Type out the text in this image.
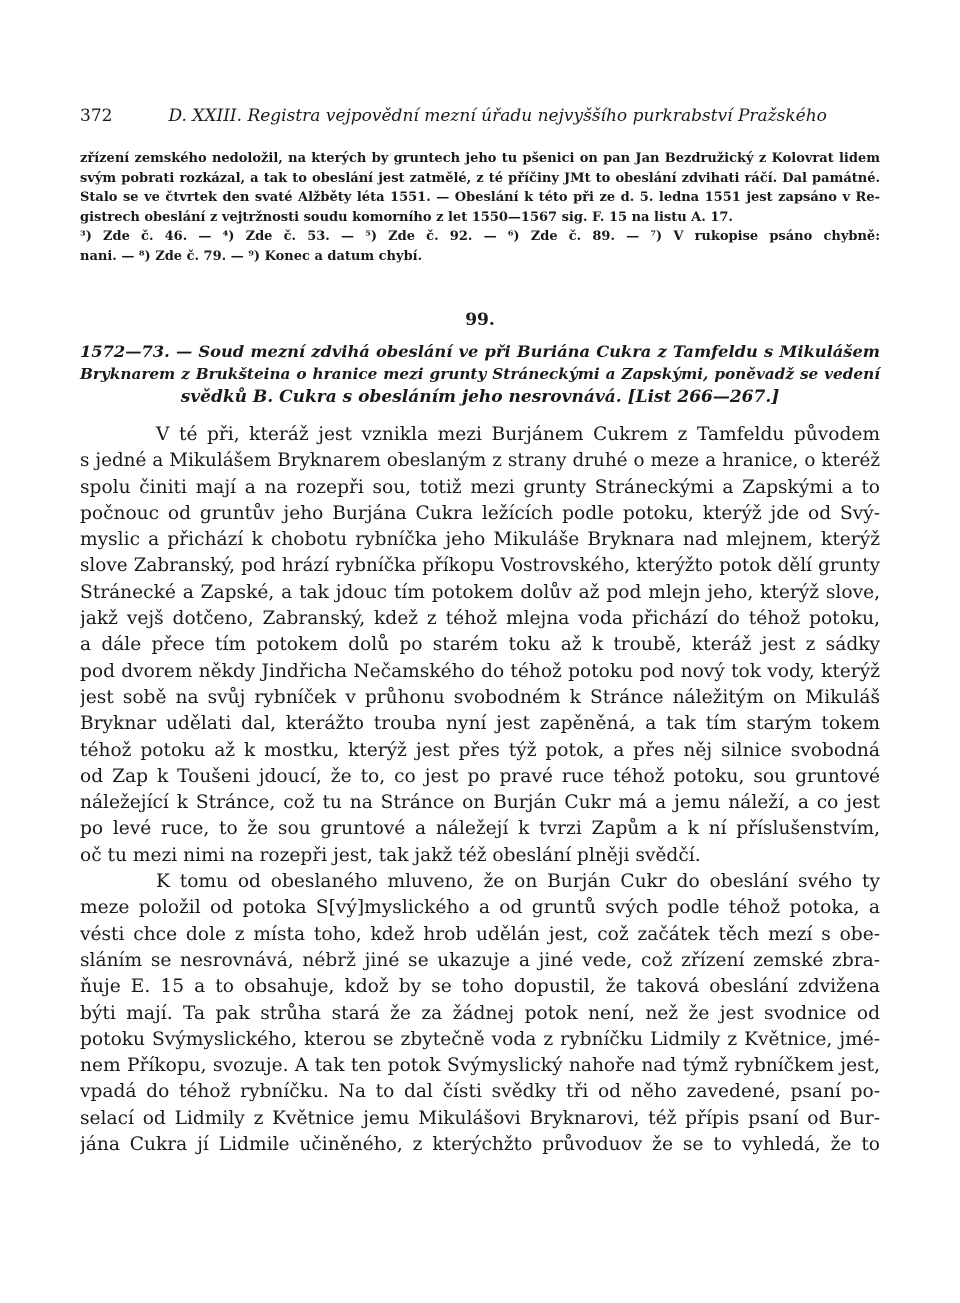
372	D. XXIII. Registra vejpovědní mezní úřadu nejvyššího purkrabství Pražského
zřízení zemského nedoložil, na kterých by gruntech jeho tu pšenici on pan Jan Bezdružický z Kolovrat lidem
svým pobrati rozkázal, a tak to obeslání jest zatmělé, z té příčiny JMt to obeslání zdvihati ráčí. Dal památné.
Stalo se ve čtvrtek den svaté Alžběty léta 1551. — Obeslání k této při ze d. 5. ledna 1551 jest zapsáno v Re-
gistrech obeslání z vejtržnosti soudu komorního z let 1550—1567 sig. F. 15 na listu A. 17.
³) Zde č. 46. — ⁴) Zde č. 53. — ⁵) Zde č. 92. — ⁶) Zde č. 89. — ⁷) V rukopise psáno chybně:
nani. — ⁸) Zde č. 79. — ⁹) Konec a datum chybí.
99.
1572—73. — Soud mezní zdvihá obeslání ve při Buriána Cukra z Tamfeldu s Mikulášem
Bryknarem z Brukšteina o hranice mezi grunty Stráneckými a Zapskými, poněvadž se vedení
svědků B. Cukra s obesláním jeho nesrovnává. [List 266—267.]
V té při, kteráž jest vznikla mezi Burjánem Cukrem z Tamfeldu původem
s jedné a Mikulášem Bryknarem obeslaným z strany druhé o meze a hranice, o kteréž
spolu činiti mají a na rozepři sou, totiž mezi grunty Stráneckými a Zapskými a to
počnouc od gruntův jeho Burjána Cukra ležících podle potoku, kterýž jde od Svý-
myslic a přichází k chobotu rybníčka jeho Mikuláše Bryknara nad mlejnem, kterýž
slove Zabranský, pod hrází rybníčka příkopu Vostrovského, kterýžto potok dělí grunty
Stránecké a Zapské, a tak jdouc tím potokem dolův až pod mlejn jeho, kterýž slove,
jakž vejš dotčeno, Zabranský, kdež z téhož mlejna voda přichází do téhož potoku,
a dále přece tím potokem dolů po starém toku až k troubě, kteráž jest z sádky
pod dvorem někdy Jindřicha Nečamského do téhož potoku pod nový tok vody, kterýž
jest sobě na svůj rybníček v průhonu svobodném k Stránce náležitým on Mikuláš
Bryknar udělati dal, kterážto trouba nyní jest zapěněná, a tak tím starým tokem
téhož potoku až k mostku, kterýž jest přes týž potok, a přes něj silnice svobodná
od Zap k Toušeni jdoucí, že to, co jest po pravé ruce téhož potoku, sou gruntové
náležející k Stránce, což tu na Stránce on Burján Cukr má a jemu náleží, a co jest
po levé ruce, to že sou gruntové a náležejí k tvrzi Zapům a k ní příslušenstvím,
oč tu mezi nimi na rozepři jest, tak jakž též obeslání plněji svědčí.
K tomu od obeslaného mluveno, že on Burján Cukr do obeslání svého ty
meze položil od potoka S[vý]myslického a od gruntů svých podle téhož potoka, a
vésti chce dole z místa toho, kdež hrob udělán jest, což začátek těch mezí s obe-
sláním se nesrovnává, nébrž jiné se ukazuje a jiné vede, což zřízení zemské zbra-
ňuje E. 15 a to obsahuje, kdož by se toho dopustil, že taková obeslání zdvižena
býti mají. Ta pak strůha stará že za žádnej potok není, než že jest svodnice od
potoku Svýmyslického, kterou se zbytečně voda z rybníčku Lidmily z Květnice, jmé-
nem Příkopu, svozuje. A tak ten potok Svýmyslický nahoře nad týmž rybníčkem jest,
vpadá do téhož rybníčku. Na to dal čísti svědky tři od něho zavedené, psaní po-
selací od Lidmily z Květnice jemu Mikulášovi Bryknarovi, též přípis psaní od Bur-
jána Cukra jí Lidmile učiněného, z kterýchžto průvoduov že se to vyhledá, že to
